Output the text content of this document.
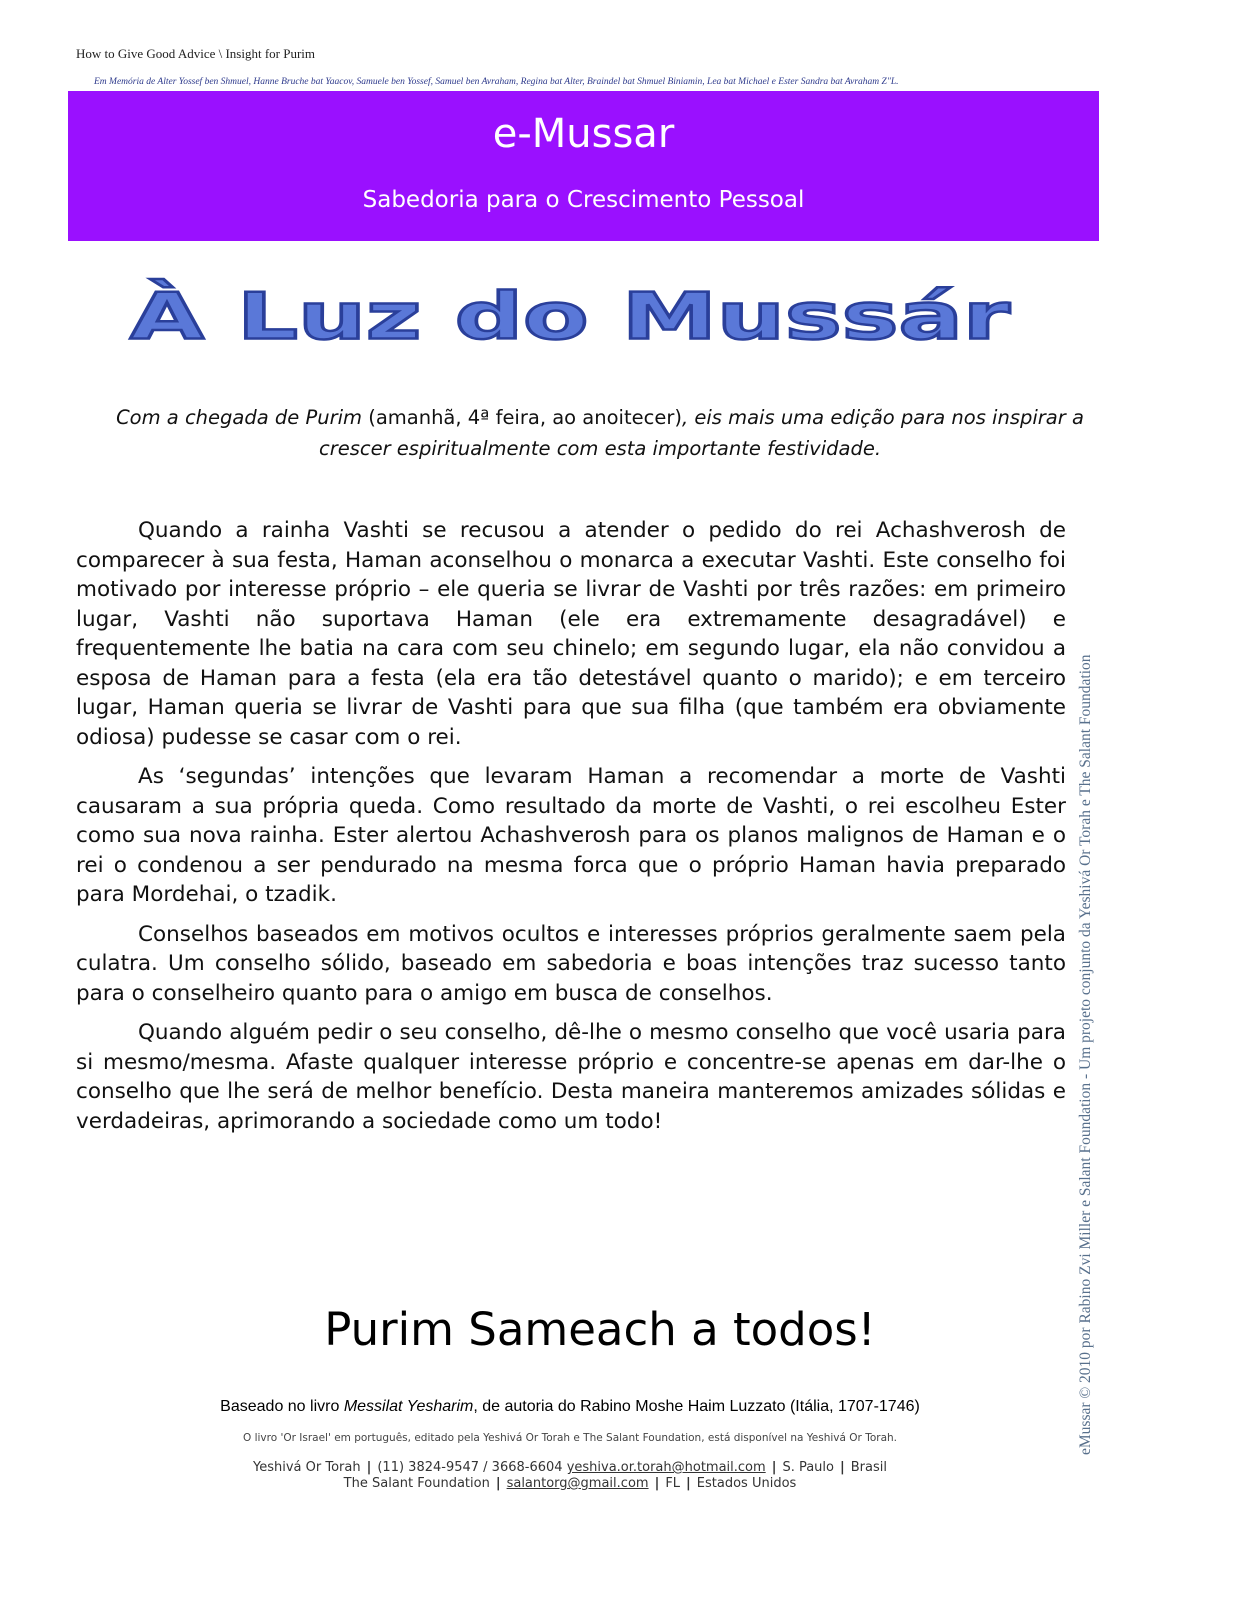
How to Give Good Advice \ Insight for Purim
Em Memória de Alter Yossef ben Shmuel, Hanne Bruche bat Yaacov, Samuele ben Yossef, Samuel ben Avraham, Regina bat Alter, Braindel bat Shmuel Biniamin, Lea bat Michael e Ester Sandra bat Avraham Z"L.
e-Mussar
Sabedoria para o Crescimento Pessoal
À Luz do Mussár
Com a chegada de Purim (amanhã, 4ª feira, ao anoitecer), eis mais uma edição para nos inspirar a crescer espiritualmente com esta importante festividade.

Quando a rainha Vashti se recusou a atender o pedido do rei Achashverosh de comparecer à sua festa, Haman aconselhou o monarca a executar Vashti. Este conselho foi motivado por interesse próprio – ele queria se livrar de Vashti por três razões: em primeiro lugar, Vashti não suportava Haman (ele era extremamente desagradável) e frequentemente lhe batia na cara com seu chinelo; em segundo lugar, ela não convidou a esposa de Haman para a festa (ela era tão detestável quanto o marido); e em terceiro lugar, Haman queria se livrar de Vashti para que sua filha (que também era obviamente odiosa) pudesse se casar com o rei.

As ‘segundas’ intenções que levaram Haman a recomendar a morte de Vashti causaram a sua própria queda. Como resultado da morte de Vashti, o rei escolheu Ester como sua nova rainha. Ester alertou Achashverosh para os planos malignos de Haman e o rei o condenou a ser pendurado na mesma forca que o próprio Haman havia preparado para Mordehai, o tzadik.

Conselhos baseados em motivos ocultos e interesses próprios geralmente saem pela culatra. Um conselho sólido, baseado em sabedoria e boas intenções traz sucesso tanto para o conselheiro quanto para o amigo em busca de conselhos.

Quando alguém pedir o seu conselho, dê-lhe o mesmo conselho que você usaria para si mesmo/mesma. Afaste qualquer interesse próprio e concentre-se apenas em dar-lhe o conselho que lhe será de melhor benefício. Desta maneira manteremos amizades sólidas e verdadeiras, aprimorando a sociedade como um todo!

Purim Sameach a todos!
Baseado no livro Messilat Yesharim, de autoria do Rabino Moshe Haim Luzzato (Itália, 1707-1746)
O livro 'Or Israel' em português, editado pela Yeshivá Or Torah e The Salant Foundation, está disponível na Yeshivá Or Torah.
Yeshivá Or Torah | (11) 3824-9547 / 3668-6604 yeshiva.or.torah@hotmail.com | S. Paulo | Brasil
The Salant Foundation | salantorg@gmail.com | FL | Estados Unidos
eMussar © 2010 por Rabino Zvi Miller e Salant Foundation - Um projeto conjunto da Yeshivá Or Torah e The Salant Foundation
